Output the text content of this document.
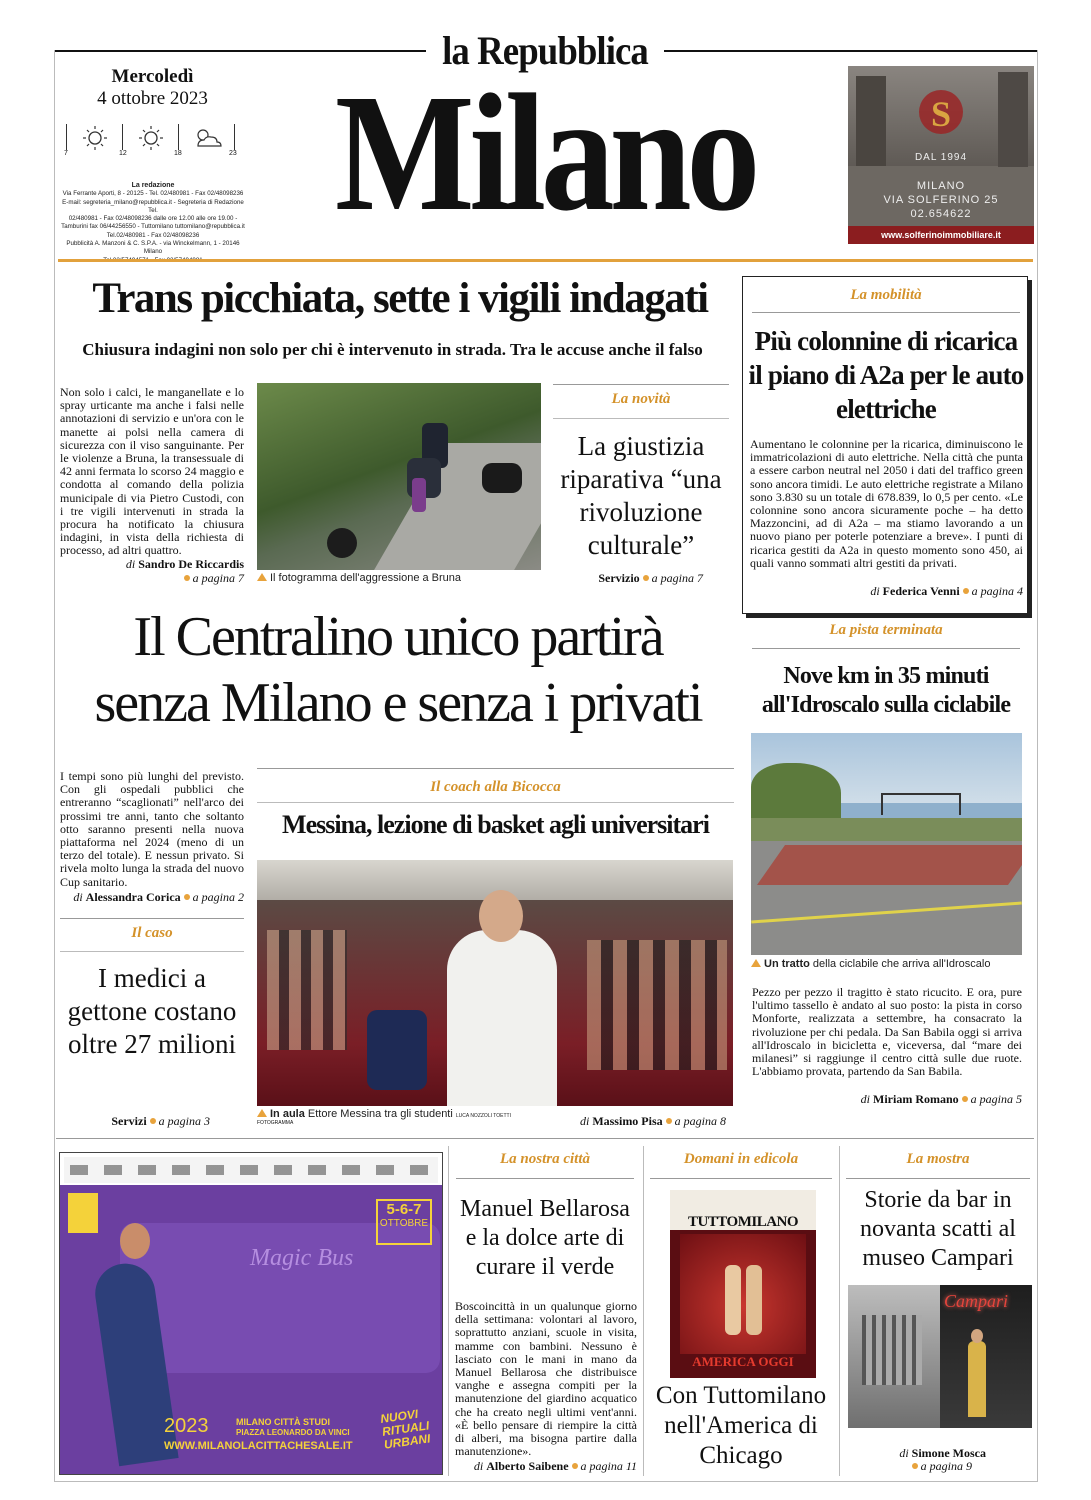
la Repubblica
Mercoledì
4 ottobre 2023
7	12	18	23
La redazione
Via Ferrante Aporti, 8 - 20125 - Tel. 02/480981 - Fax 02/48098236
E-mail: segreteria_milano@repubblica.it - Segreteria di Redazione Tel.
02/480981 - Fax 02/48098236 dalle ore 12.00 alle ore 19.00 -
Tamburini fax 06/44256550 - Tuttomilano tuttomilano@repubblica.it
Tel.02/480981 - Fax 02/48098236
Pubblicità A. Manzoni & C. S.P.A. - via Winckelmann, 1 - 20146 Milano
Milano	S
DAL 1994
MILANO
VIA SOLFERINO 25
02.654622
www.solferinoimmobiliare.it
Trans picchiata, sette i vigili indagati
Chiusura indagini non solo per chi è intervenuto in strada. Tra le accuse anche il falso
Non solo i calci, le manganellate e lo spray urticante ma anche i falsi nelle annotazioni di servizio e un'ora con le manette ai polsi nella camera di sicurezza con il viso sanguinante. Per le violenze a Bruna, la transessuale di 42 anni fermata lo scorso 24 maggio e condotta al comando della polizia municipale di via Pietro Custodi, con i tre vigili intervenuti in strada la procura ha notificato la chiusura indagini, in vista della richiesta di processo, ad altri quattro.
di Sandro De Riccardis
a pagina 7	Il fotogramma dell'aggressione a Bruna
La novità
La giustizia riparativa “una rivoluzione culturale”
Servizio a pagina 7
La mobilità
Più colonnine di ricarica il piano di A2a per le auto elettriche
Aumentano le colonnine per la ricarica, diminuiscono le immatricolazioni di auto elettriche. Nella città che punta a essere carbon neutral nel 2050 i dati del traffico green sono ancora timidi. Le auto elettriche registrate a Milano sono 3.830 su un totale di 678.839, lo 0,5 per cento. «Le colonnine sono ancora sicuramente poche – ha detto Mazzoncini, ad di A2a – ma stiamo lavorando a un nuovo piano per poterle potenziare a breve». I punti di ricarica gestiti da A2a in questo momento sono 450, ai quali vanno sommati altri gestiti da privati.
di Federica Venni a pagina 4
La pista terminata
Nove km in 35 minuti all'Idroscalo sulla ciclabile
Un tratto della ciclabile che arriva all'Idroscalo
Pezzo per pezzo il tragitto è stato ricucito. E ora, pure l'ultimo tassello è andato al suo posto: la pista in corso Monforte, realizzata a settembre, ha consacrato la rivoluzione per chi pedala. Da San Babila oggi si arriva all'Idroscalo in bicicletta e, viceversa, dal “mare dei milanesi” si raggiunge il centro città sulle due ruote. L'abbiamo provata, partendo da San Babila.
di Miriam Romano a pagina 5
Il Centralino unico partirà
senza Milano e senza i privati
I tempi sono più lunghi del previsto. Con gli ospedali pubblici che entreranno “scaglionati” nell'arco dei prossimi tre anni, tanto che soltanto otto saranno presenti nella nuova piattaforma nel 2024 (meno di un terzo del totale). E nessun privato. Si rivela molto lunga la strada del nuovo Cup sanitario.
di Alessandra Corica a pagina 2
Il caso
I medici a gettone costano oltre 27 milioni
Servizi a pagina 3
Il coach alla Bicocca
Messina, lezione di basket agli universitari
In aula Ettore Messina tra gli studenti LUCA NOZZOLI TOETTI
FOTOGRAMMA	di Massimo Pisa a pagina 8
Magic Bus
5-6-7
OTTOBRE
2023	MILANO CITTÀ STUDI
PIAZZA LEONARDO DA VINCI
WWW.MILANOLACITTACHESALE.IT
NUOVI RITUALI URBANI
La nostra città
Manuel Bellarosa e la dolce arte di curare il verde
Boscoincittà in un qualunque giorno della settimana: volontari al lavoro, soprattutto anziani, scuole in visita, mamme con bambini. Nessuno è lasciato con le mani in mano da Manuel Bellarosa che distribuisce vanghe e assegna compiti per la manutenzione del giardino acquatico che ha creato negli ultimi vent'anni. «È bello pensare di riempire la città di alberi, ma bisogna partire dalla manutenzione».
di Alberto Saibene a pagina 11
Domani in edicola
TUTTOMILANO
AMERICA OGGI
Con Tuttomilano nell'America di Chicago
La mostra
Storie da bar in novanta scatti al museo Campari
Campari
di Simone Mosca
a pagina 9
